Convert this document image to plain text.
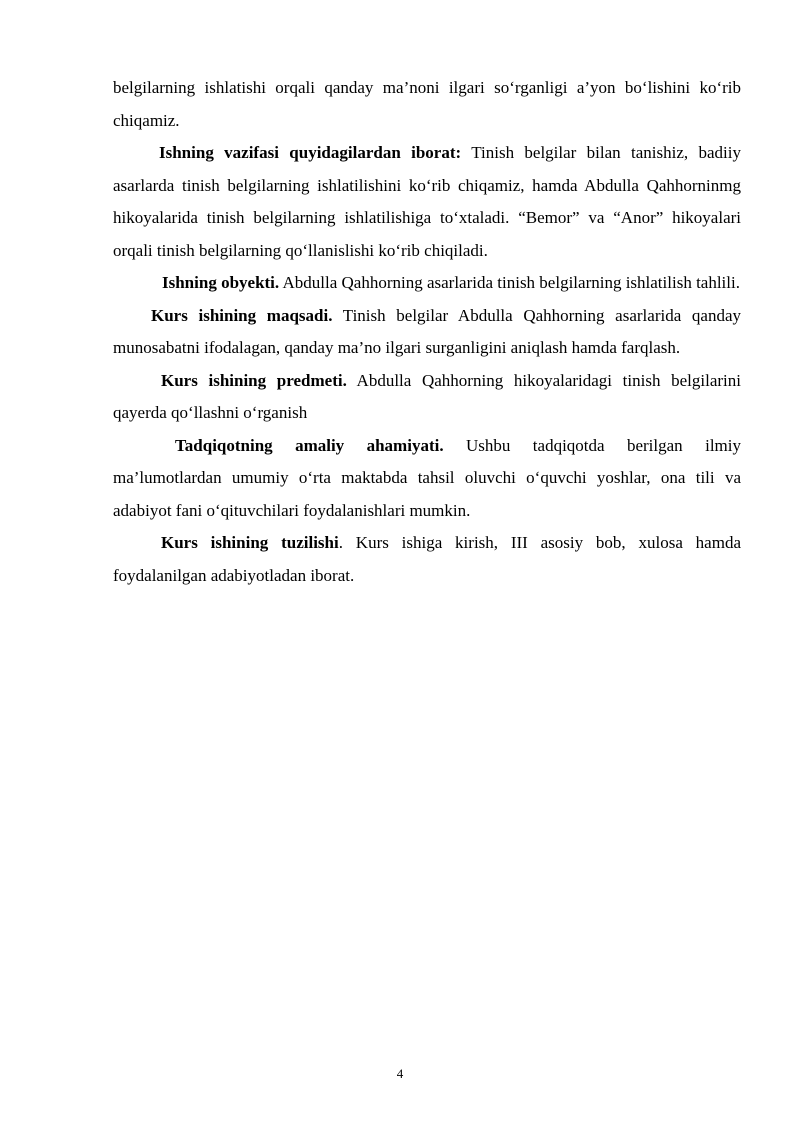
belgilarning ishlatishi orqali qanday ma’noni ilgari so‘rganligi a’yon bo‘lishini ko‘rib chiqamiz.

Ishning vazifasi quyidagilardan iborat: Tinish belgilar bilan tanishiz, badiiy asarlarda tinish belgilarning ishlatilishini ko‘rib chiqamiz, hamda Abdulla Qahhorninmg hikoyalarida tinish belgilarning ishlatilishiga to‘xtaladi. “Bemor” va “Anor” hikoyalari orqali tinish belgilarning qo‘llanislishi ko‘rib chiqiladi.

Ishning obyekti. Abdulla Qahhorning asarlarida tinish belgilarning ishlatilish tahlili.

Kurs ishining maqsadi. Tinish belgilar Abdulla Qahhorning asarlarida qanday munosabatni ifodalagan, qanday ma’no ilgari surganligini aniqlash hamda farqlash.

Kurs ishining predmeti. Abdulla Qahhorning hikoyalaridagi tinish belgilarini qayerda qo‘llashni o‘rganish

Tadqiqotning amaliy ahamiyati. Ushbu tadqiqotda berilgan ilmiy ma’lumotlardan umumiy o‘rta maktabda tahsil oluvchi o‘quvchi yoshlar, ona tili va adabiyot fani o‘qituvchilari foydalanishlari mumkin.

Kurs ishining tuzilishi. Kurs ishiga kirish, III asosiy bob, xulosa hamda foydalanilgan adabiyotladan iborat.

4
